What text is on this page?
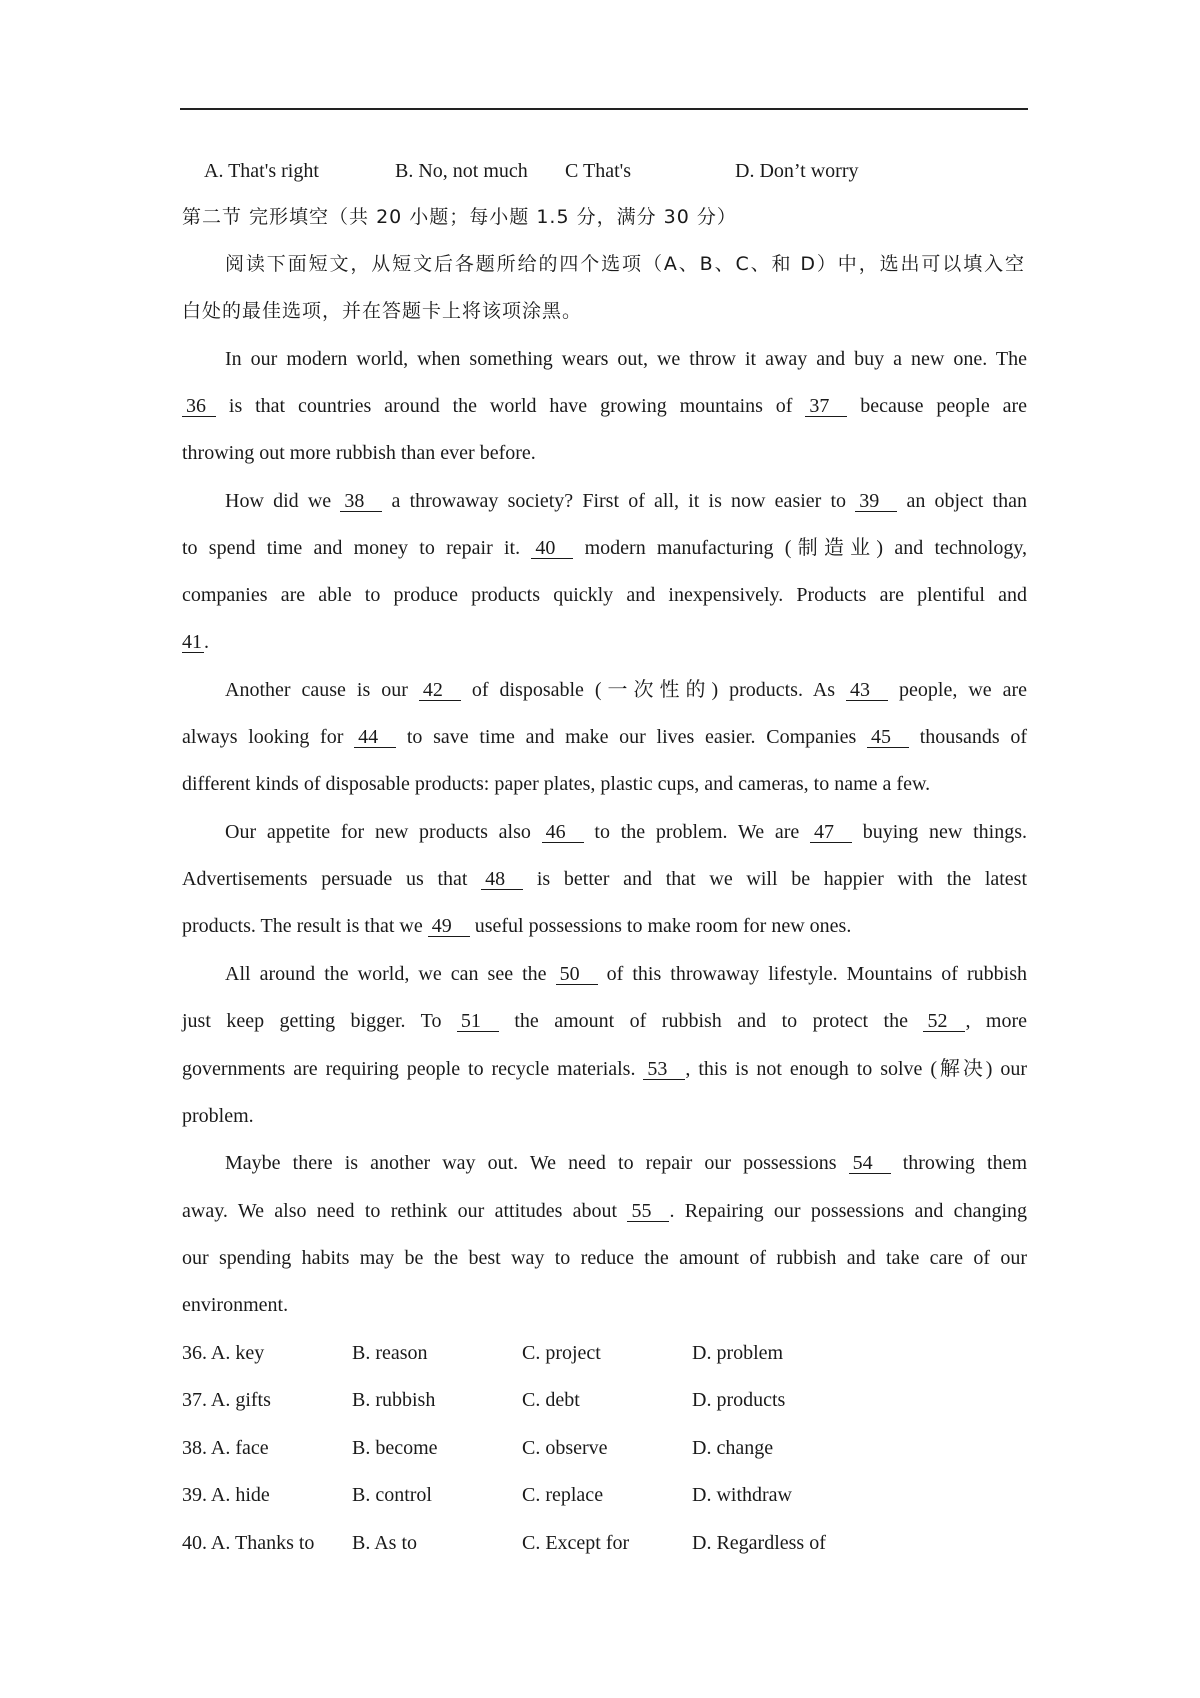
A. That's right	B. No, not much C That's	D. Don’t worry
第二节 完形填空（共 20 小题；每小题 1.5 分，满分 30 分）
阅读下面短文，从短文后各题所给的四个选项（A、B、C、和 D）中，选出可以填入空
白处的最佳选项，并在答题卡上将该项涂黑。
In our modern world, when something wears out, we throw it away and buy a new one. The
36 is that countries around the world have growing mountains of 37 because people are
throwing out more rubbish than ever before.
How did we 38 a throwaway society? First of all, it is now easier to 39 an object than
to spend time and money to repair it. 40 modern manufacturing (制造业) and technology,
companies are able to produce products quickly and inexpensively. Products are plentiful and
41 .
Another cause is our 42 of disposable (一次性的) products. As 43 people, we are
always looking for 44 to save time and make our lives easier. Companies 45 thousands of
different kinds of disposable products: paper plates, plastic cups, and cameras, to name a few.
Our appetite for new products also 46 to the problem. We are 47 buying new things.
Advertisements persuade us that 48 is better and that we will be happier with the latest
products. The result is that we 49 useful possessions to make room for new ones.
All around the world, we can see the 50 of this throwaway lifestyle. Mountains of rubbish
just keep getting bigger. To 51 the amount of rubbish and to protect the 52 , more
governments are requiring people to recycle materials. 53 , this is not enough to solve (解决) our
problem.
Maybe there is another way out. We need to repair our possessions 54 throwing them
away. We also need to rethink our attitudes about 55 . Repairing our possessions and changing
our spending habits may be the best way to reduce the amount of rubbish and take care of our
environment.
36. A. key	B. reason	C. project	D. problem
37. A. gifts	B. rubbish	C. debt	D. products
38. A. face	B. become	C. observe	D. change
39. A. hide	B. control	C. replace	D. withdraw
40. A. Thanks to B. As to	C. Except for	D. Regardless of
